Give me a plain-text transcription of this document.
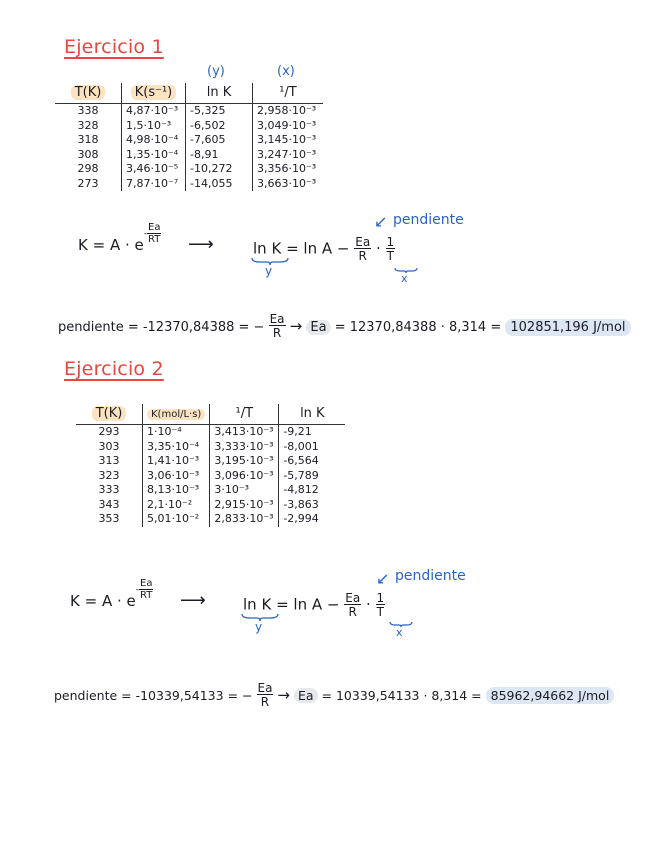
Ejercicio 1
(y)	(x)
T(K)	K(s⁻¹)	ln K	¹/T
338	4,87·10⁻³	-5,325	2,958·10⁻³
328	1,5·10⁻³	-6,502	3,049·10⁻³
318	4,98·10⁻⁴	-7,605	3,145·10⁻³
308	1,35·10⁻⁴	-8,91	3,247·10⁻³
298	3,46·10⁻⁵	-10,272	3,356·10⁻³
273	7,87·10⁻⁷	-14,055	3,663·10⁻³
$K = A \cdot e^{- \frac{Ea}{RT}}$ ⟶
↙ pendiente
$\ln K = \ln A - \frac{Ea}{R} \cdot \frac{1}{T}$
y
x
pendiente = -12370,84388 = − $\frac{Ea}{R} \to Ea = 12370,84388 \cdot 8,314 = 102851,196$ J/mol
Ejercicio 2
T(K)	K(mol/L·s)	¹/T	ln K
293	1·10⁻⁴	3,413·10⁻³	-9,21
303	3,35·10⁻⁴	3,333·10⁻³	-8,001
313	1,41·10⁻³	3,195·10⁻³	-6,564
323	3,06·10⁻³	3,096·10⁻³	-5,789
333	8,13·10⁻³	3·10⁻³	-4,812
343	2,1·10⁻²	2,915·10⁻³	-3,863
353	5,01·10⁻²	2,833·10⁻³	-2,994
$K = A \cdot e^{- \frac{Ea}{RT}}$ ⟶
↙ pendiente
$\ln K = \ln A - \frac{Ea}{R} \cdot \frac{1}{T}$
y	x
pendiente = -10339,54133 = − $\frac{Ea}{R} \to Ea = 10339,54133 \cdot 8,314 = 85962,94662$ J/mol
